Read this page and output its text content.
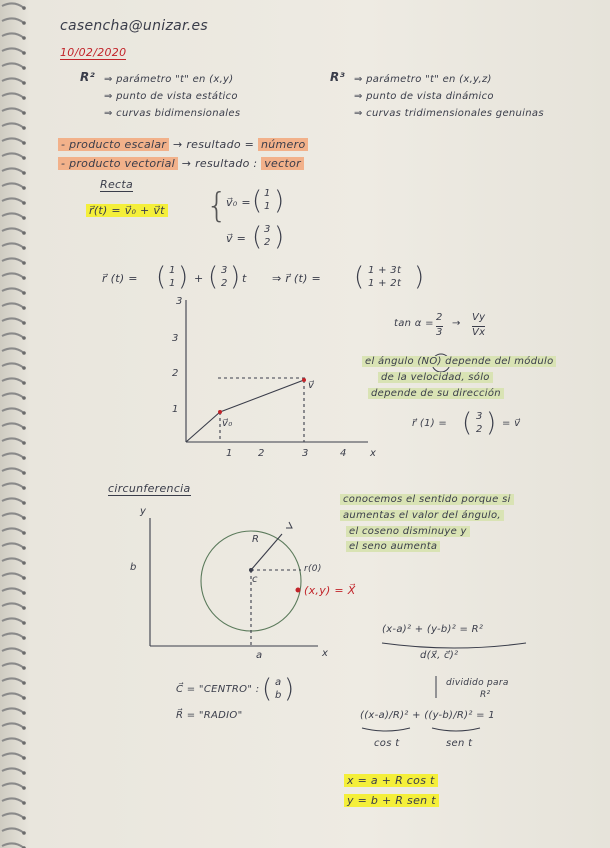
casencha@unizar.es
10/02/2020
R² ⇒ parámetro "t" en (x,y)
⇒ punto de vista estático
⇒ curvas bidimensionales
R³ ⇒ parámetro "t" en (x,y,z)
⇒ punto de vista dinámico
⇒ curvas tridimensionales genuinas
- producto escalar → resultado = número
- producto vectorial → resultado : vector
Recta
r⃗(t) = v⃗₀ + v⃗t {
v⃗₀ = ( 1
1 )
v⃗ = ( 3
2 )
r⃗ (t) = ( 1
1 ) + ( 3
2 ) t ⇒ r⃗ (t) = ( 1 + 3t
1 + 2t )
3
3
2
1
1	2	3	4 x
v⃗₀
v⃗
tan α =
2
3
→
Vy
Vx
el ángulo (NO) depende del módulo
de la velocidad, sólo
depende de su dirección
r⃗ (1) = ( 3
2 ) = v⃗
circunferencia
y
x
b
a
c
R
r(0)
(x,y) = X⃗
conocemos el sentido porque si
aumentas el valor del ángulo,
el coseno disminuye y
el seno aumenta
C⃗ = "CENTRO" : ( a
b )
R⃗ = "RADIO"
(x-a)² + (y-b)² = R²
d(x⃗, c⃗)²
dividido para
R²
((x-a)/R)² + ((y-b)/R)² = 1
cos t	sen t
x = a + R cos t
y = b + R sen t
